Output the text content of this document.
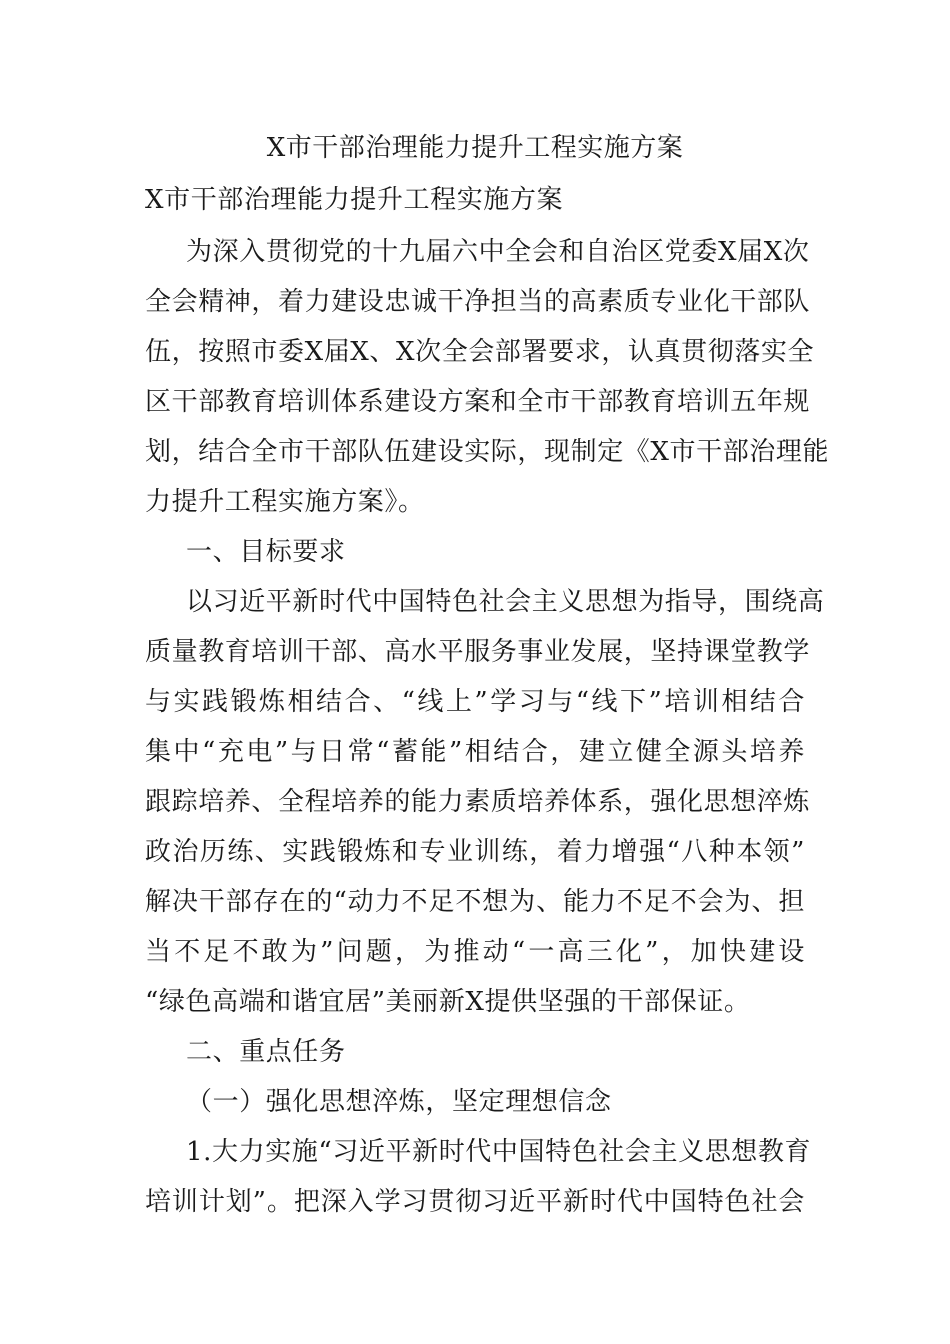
X市干部治理能力提升工程实施方案
X市干部治理能力提升工程实施方案
为深入贯彻党的十九届六中全会和自治区党委X届X次
全会精神，着力建设忠诚干净担当的高素质专业化干部队
伍，按照市委X届X、X次全会部署要求，认真贯彻落实全
区干部教育培训体系建设方案和全市干部教育培训五年规
划，结合全市干部队伍建设实际，现制定《X市干部治理能
力提升工程实施方案》。
一、目标要求
以习近平新时代中国特色社会主义思想为指导，围绕高
质量教育培训干部、高水平服务事业发展，坚持课堂教学
与实践锻炼相结合、“线上”学习与“线下”培训相结合
集中“充电”与日常“蓄能”相结合，建立健全源头培养
跟踪培养、全程培养的能力素质培养体系，强化思想淬炼
政治历练、实践锻炼和专业训练，着力增强“八种本领”
解决干部存在的“动力不足不想为、能力不足不会为、担
当不足不敢为”问题，为推动“一高三化”，加快建设
“绿色高端和谐宜居”美丽新X提供坚强的干部保证。
二、重点任务
（一）强化思想淬炼，坚定理想信念
1.大力实施“习近平新时代中国特色社会主义思想教育
培训计划”。把深入学习贯彻习近平新时代中国特色社会
